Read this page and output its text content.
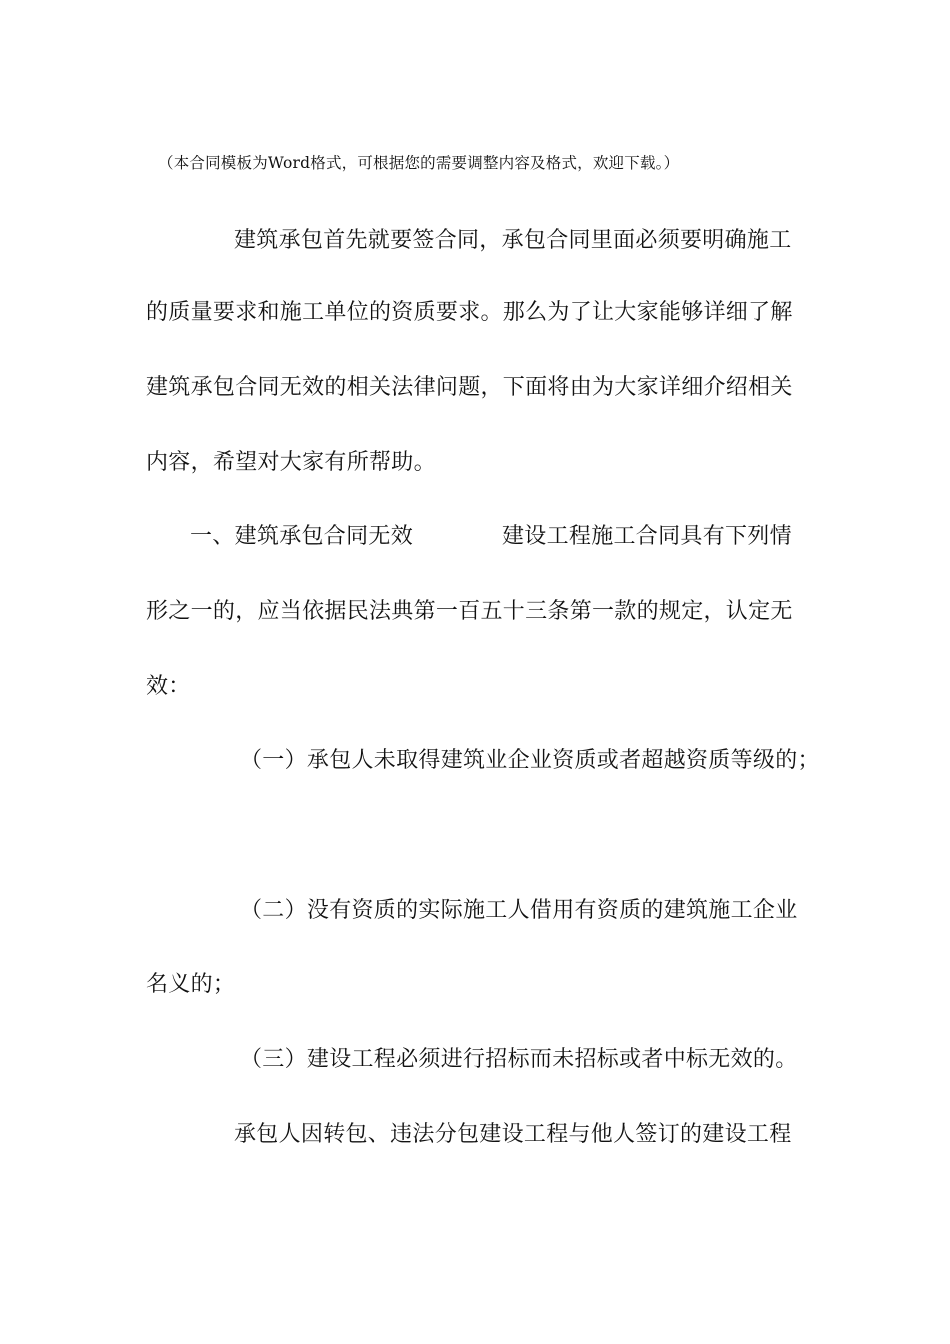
（本合同模板为Word格式，可根据您的需要调整内容及格式，欢迎下载。）
建筑承包首先就要签合同，承包合同里面必须要明确施工
的质量要求和施工单位的资质要求。那么为了让大家能够详细了解
建筑承包合同无效的相关法律问题，下面将由为大家详细介绍相关
内容，希望对大家有所帮助。
一、建筑承包合同无效	建设工程施工合同具有下列情
形之一的，应当依据民法典第一百五十三条第一款的规定，认定无
效：
（一）承包人未取得建筑业企业资质或者超越资质等级的；
（二）没有资质的实际施工人借用有资质的建筑施工企业
名义的；
（三）建设工程必须进行招标而未招标或者中标无效的。
承包人因转包、违法分包建设工程与他人签订的建设工程
